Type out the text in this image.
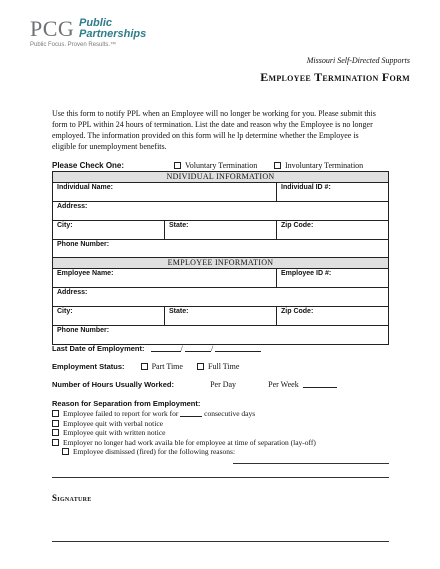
PCG Public
Partnerships
Public Focus. Proven Results.™
Missouri Self-Directed Supports
Employee Termination Form
Use this form to notify PPL when an Employee will no longer be working for you. Please submit this form to PPL within 24 hours of termination. List the date and reason why the Employee is no longer employed. The information provided on this form will he lp determine whether the Employee is eligible for unemployment benefits.
Please Check One:	Voluntary Termination	Involuntary Termination
NDIVIDUAL INFORMATION		
Individual Name:		Individual ID #:
Address:		
City:	State:	Zip Code:
Phone Number:		
EMPLOYEE INFORMATION		
Employee Name:		Employee ID #:
Address:		
City:	State:	Zip Code:
Phone Number:		
Last Date of Employment:	/	/
Employment Status:	Part Time	Full Time
Number of Hours Usually Worked:	Per Day	Per Week
Reason for Separation from Employment:
Employee failed to report for work for	consecutive days
Employee quit with verbal notice
Employee quit with written notice
Employer no longer had work availa ble for employee at time of separation (lay-off)
Employee dismissed (fired) for the following reasons:
Signature
